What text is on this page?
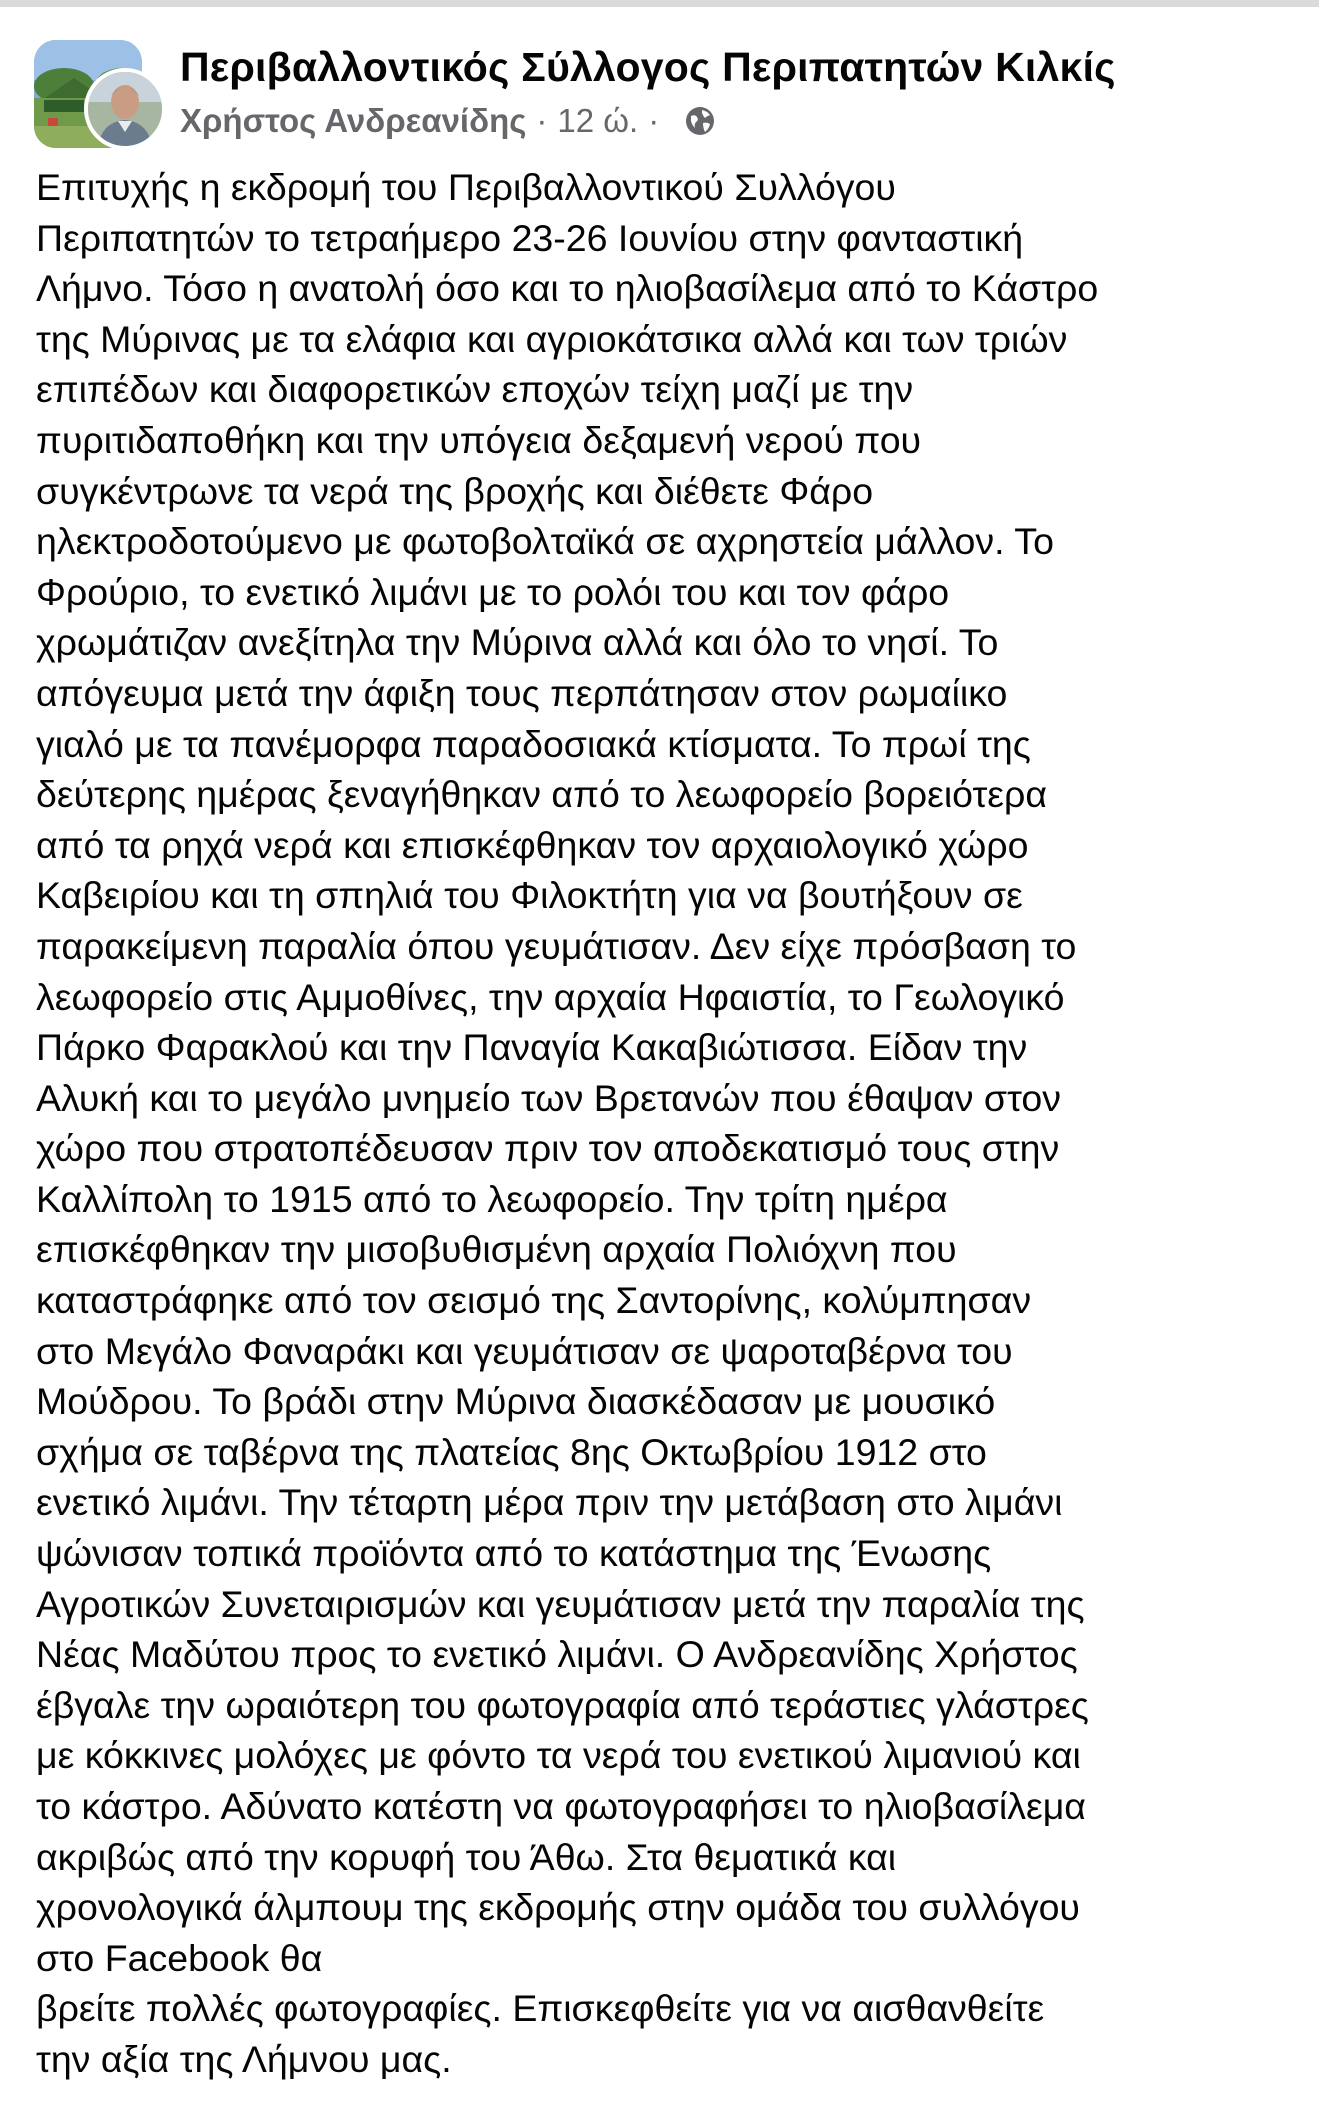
Περιβαλλοντικός Σύλλογος Περιπατητών Κιλκίς
Χρήστος Ανδρεανίδης · 12 ώ. ·
Επιτυχής η εκδρομή του Περιβαλλοντικού Συλλόγου
Περιπατητών το τετραήμερο 23-26 Ιουνίου στην φανταστική
Λήμνο. Τόσο η ανατολή όσο και το ηλιοβασίλεμα από το Κάστρο
της Μύρινας με τα ελάφια και αγριοκάτσικα αλλά και των τριών
επιπέδων και διαφορετικών εποχών τείχη μαζί με την
πυριτιδαποθήκη και την υπόγεια δεξαμενή νερού που
συγκέντρωνε τα νερά της βροχής και διέθετε Φάρο
ηλεκτροδοτούμενο με φωτοβολταϊκά σε αχρηστεία μάλλον. Το
Φρούριο, το ενετικό λιμάνι με το ρολόι του και τον φάρο
χρωμάτιζαν ανεξίτηλα την Μύρινα αλλά και όλο το νησί. Το
απόγευμα μετά την άφιξη τους περπάτησαν στον ρωμαίικο
γιαλό με τα πανέμορφα παραδοσιακά κτίσματα. Το πρωί της
δεύτερης ημέρας ξεναγήθηκαν από το λεωφορείο βορειότερα
από τα ρηχά νερά και επισκέφθηκαν τον αρχαιολογικό χώρο
Καβειρίου και τη σπηλιά του Φιλοκτήτη για να βουτήξουν σε
παρακείμενη παραλία όπου γευμάτισαν. Δεν είχε πρόσβαση το
λεωφορείο στις Αμμοθίνες, την αρχαία Ηφαιστία, το Γεωλογικό
Πάρκο Φαρακλού και την Παναγία Κακαβιώτισσα. Είδαν την
Αλυκή και το μεγάλο μνημείο των Βρετανών που έθαψαν στον
χώρο που στρατοπέδευσαν πριν τον αποδεκατισμό τους στην
Καλλίπολη το 1915 από το λεωφορείο. Την τρίτη ημέρα
επισκέφθηκαν την μισοβυθισμένη αρχαία Πολιόχνη που
καταστράφηκε από τον σεισμό της Σαντορίνης, κολύμπησαν
στο Μεγάλο Φαναράκι και γευμάτισαν σε ψαροταβέρνα του
Μούδρου. Το βράδι στην Μύρινα διασκέδασαν με μουσικό
σχήμα σε ταβέρνα της πλατείας 8ης Οκτωβρίου 1912 στο
ενετικό λιμάνι. Την τέταρτη μέρα πριν την μετάβαση στο λιμάνι
ψώνισαν τοπικά προϊόντα από το κατάστημα της Ένωσης
Αγροτικών Συνεταιρισμών και γευμάτισαν μετά την παραλία της
Νέας Μαδύτου προς το ενετικό λιμάνι. Ο Ανδρεανίδης Χρήστος
έβγαλε την ωραιότερη του φωτογραφία από τεράστιες γλάστρες
με κόκκινες μολόχες με φόντο τα νερά του ενετικού λιμανιού και
το κάστρο. Αδύνατο κατέστη να φωτογραφήσει το ηλιοβασίλεμα
ακριβώς από την κορυφή του Άθω. Στα θεματικά και
χρονολογικά άλμπουμ της εκδρομής στην ομάδα του συλλόγου
στο Facebook θα
βρείτε πολλές φωτογραφίες. Επισκεφθείτε για να αισθανθείτε
την αξία της Λήμνου μας.
